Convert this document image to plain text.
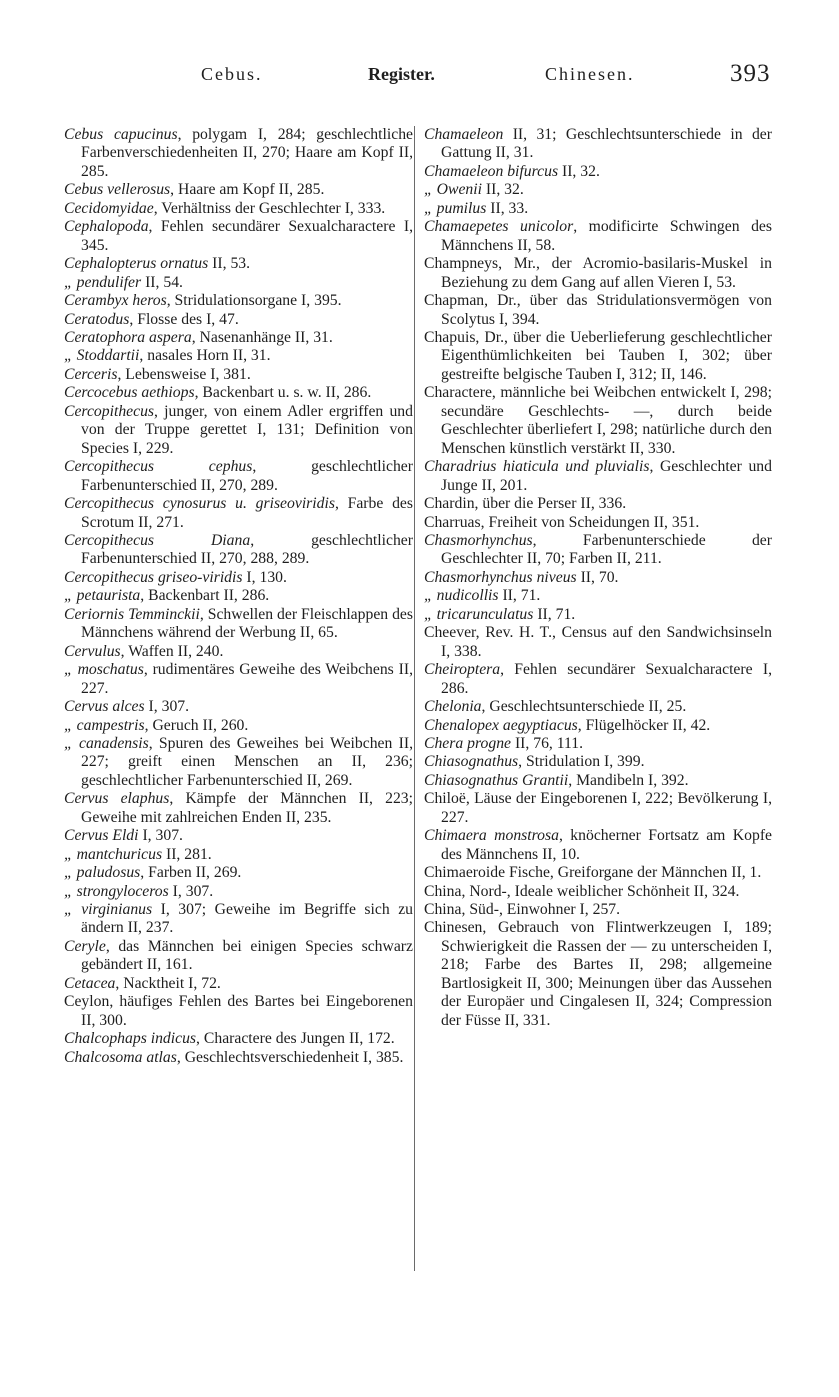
Cebus.	Register.	Chinesen.	393

Cebus capucinus, polygam I, 284; geschlechtliche Farbenverschiedenheiten II, 270; Haare am Kopf II, 285.

Cebus vellerosus, Haare am Kopf II, 285.

Cecidomyidae, Verhältniss der Geschlechter I, 333.

Cephalopoda, Fehlen secundärer Sexualcharactere I, 345.

Cephalopterus ornatus II, 53.

„ pendulifer II, 54.

Cerambyx heros, Stridulationsorgane I, 395.

Ceratodus, Flosse des I, 47.

Ceratophora aspera, Nasenanhänge II, 31.

„ Stoddartii, nasales Horn II, 31.

Cerceris, Lebensweise I, 381.

Cercocebus aethiops, Backenbart u. s. w. II, 286.

Cercopithecus, junger, von einem Adler ergriffen und von der Truppe gerettet I, 131; Definition von Species I, 229.

Cercopithecus cephus, geschlechtlicher Farbenunterschied II, 270, 289.

Cercopithecus cynosurus u. griseoviridis, Farbe des Scrotum II, 271.

Cercopithecus Diana, geschlechtlicher Farbenunterschied II, 270, 288, 289.

Cercopithecus griseo-viridis I, 130.

„ petaurista, Backenbart II, 286.

Ceriornis Temminckii, Schwellen der Fleischlappen des Männchens während der Werbung II, 65.

Cervulus, Waffen II, 240.

„ moschatus, rudimentäres Geweihe des Weibchens II, 227.

Cervus alces I, 307.

„ campestris, Geruch II, 260.

„ canadensis, Spuren des Geweihes bei Weibchen II, 227; greift einen Menschen an II, 236; geschlechtlicher Farbenunterschied II, 269.

Cervus elaphus, Kämpfe der Männchen II, 223; Geweihe mit zahlreichen Enden II, 235.

Cervus Eldi I, 307.

„ mantchuricus II, 281.

„ paludosus, Farben II, 269.

„ strongyloceros I, 307.

„ virginianus I, 307; Geweihe im Begriffe sich zu ändern II, 237.

Ceryle, das Männchen bei einigen Species schwarz gebändert II, 161.

Cetacea, Nacktheit I, 72.

Ceylon, häufiges Fehlen des Bartes bei Eingeborenen II, 300.

Chalcophaps indicus, Charactere des Jungen II, 172.

Chalcosoma atlas, Geschlechtsverschiedenheit I, 385.

Chamaeleon II, 31; Geschlechtsunterschiede in der Gattung II, 31.

Chamaeleon bifurcus II, 32.

„ Owenii II, 32.

„ pumilus II, 33.

Chamaepetes unicolor, modificirte Schwingen des Männchens II, 58.

Champneys, Mr., der Acromio-basilaris-Muskel in Beziehung zu dem Gang auf allen Vieren I, 53.

Chapman, Dr., über das Stridulationsvermögen von Scolytus I, 394.

Chapuis, Dr., über die Ueberlieferung geschlechtlicher Eigenthümlichkeiten bei Tauben I, 302; über gestreifte belgische Tauben I, 312; II, 146.

Charactere, männliche bei Weibchen entwickelt I, 298; secundäre Geschlechts- —, durch beide Geschlechter überliefert I, 298; natürliche durch den Menschen künstlich verstärkt II, 330.

Charadrius hiaticula und pluvialis, Geschlechter und Junge II, 201.

Chardin, über die Perser II, 336.

Charruas, Freiheit von Scheidungen II, 351.

Chasmorhynchus, Farbenunterschiede der Geschlechter II, 70; Farben II, 211.

Chasmorhynchus niveus II, 70.

„ nudicollis II, 71.

„ tricarunculatus II, 71.

Cheever, Rev. H. T., Census auf den Sandwichsinseln I, 338.

Cheiroptera, Fehlen secundärer Sexualcharactere I, 286.

Chelonia, Geschlechtsunterschiede II, 25.

Chenalopex aegyptiacus, Flügelhöcker II, 42.

Chera progne II, 76, 111.

Chiasognathus, Stridulation I, 399.

Chiasognathus Grantii, Mandibeln I, 392.

Chiloë, Läuse der Eingeborenen I, 222; Bevölkerung I, 227.

Chimaera monstrosa, knöcherner Fortsatz am Kopfe des Männchens II, 10.

Chimaeroide Fische, Greiforgane der Männchen II, 1.

China, Nord-, Ideale weiblicher Schönheit II, 324.

China, Süd-, Einwohner I, 257.

Chinesen, Gebrauch von Flintwerkzeugen I, 189; Schwierigkeit die Rassen der — zu unterscheiden I, 218; Farbe des Bartes II, 298; allgemeine Bartlosigkeit II, 300; Meinungen über das Aussehen der Europäer und Cingalesen II, 324; Compression der Füsse II, 331.
